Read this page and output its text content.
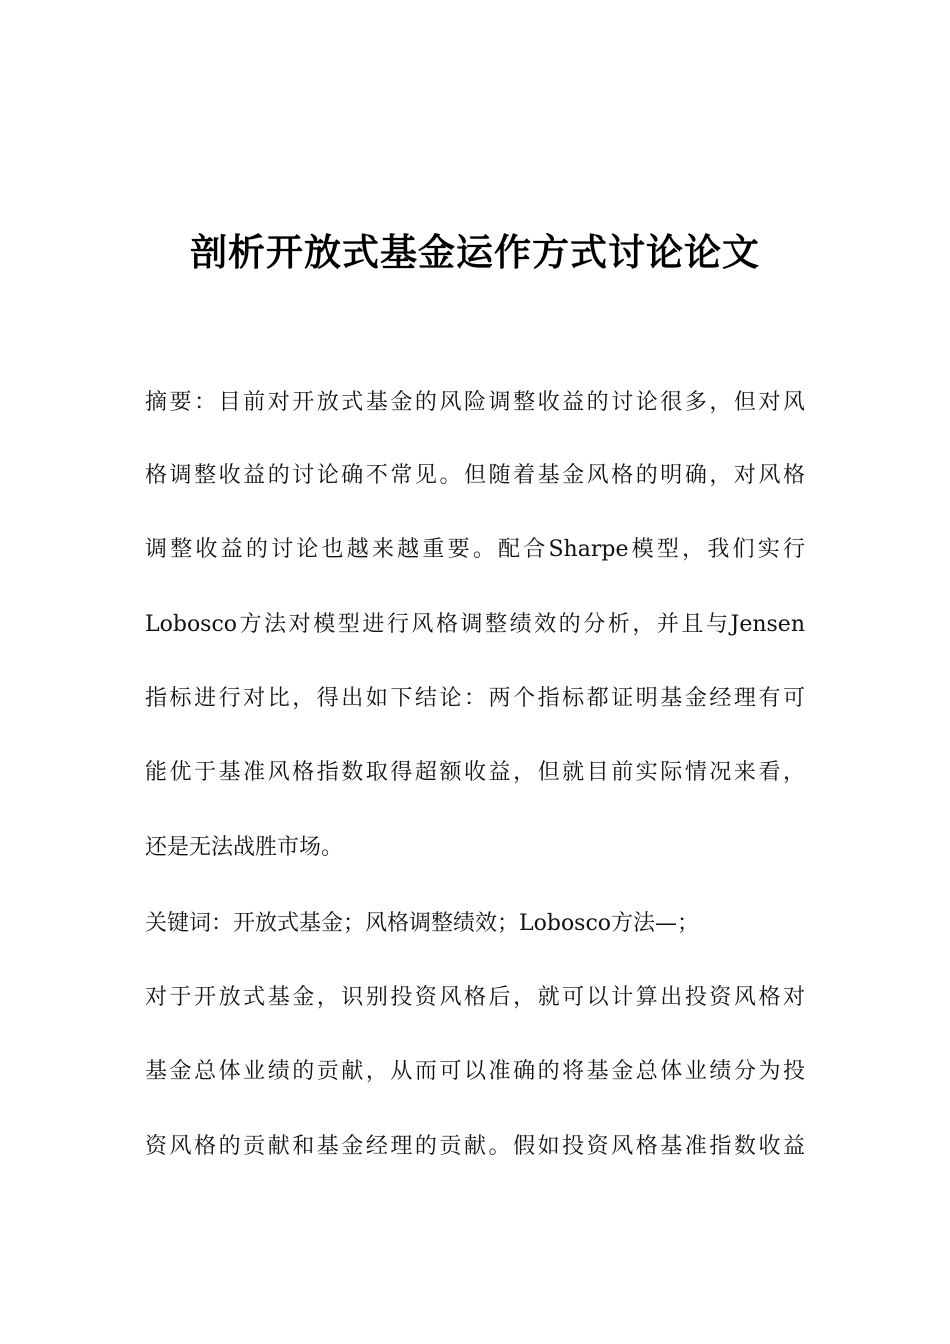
剖析开放式基金运作方式讨论论文
摘要：目前对开放式基金的风险调整收益的讨论很多，但对风
格调整收益的讨论确不常见。但随着基金风格的明确，对风格
调整收益的讨论也越来越重要。配合Sharpe模型，我们实行
Lobosco方法对模型进行风格调整绩效的分析，并且与Jensen
指标进行对比，得出如下结论：两个指标都证明基金经理有可
能优于基准风格指数取得超额收益，但就目前实际情况来看，
还是无法战胜市场。
关键词：开放式基金；风格调整绩效；Lobosco方法—；
对于开放式基金，识别投资风格后，就可以计算出投资风格对
基金总体业绩的贡献，从而可以准确的将基金总体业绩分为投
资风格的贡献和基金经理的贡献。假如投资风格基准指数收益
